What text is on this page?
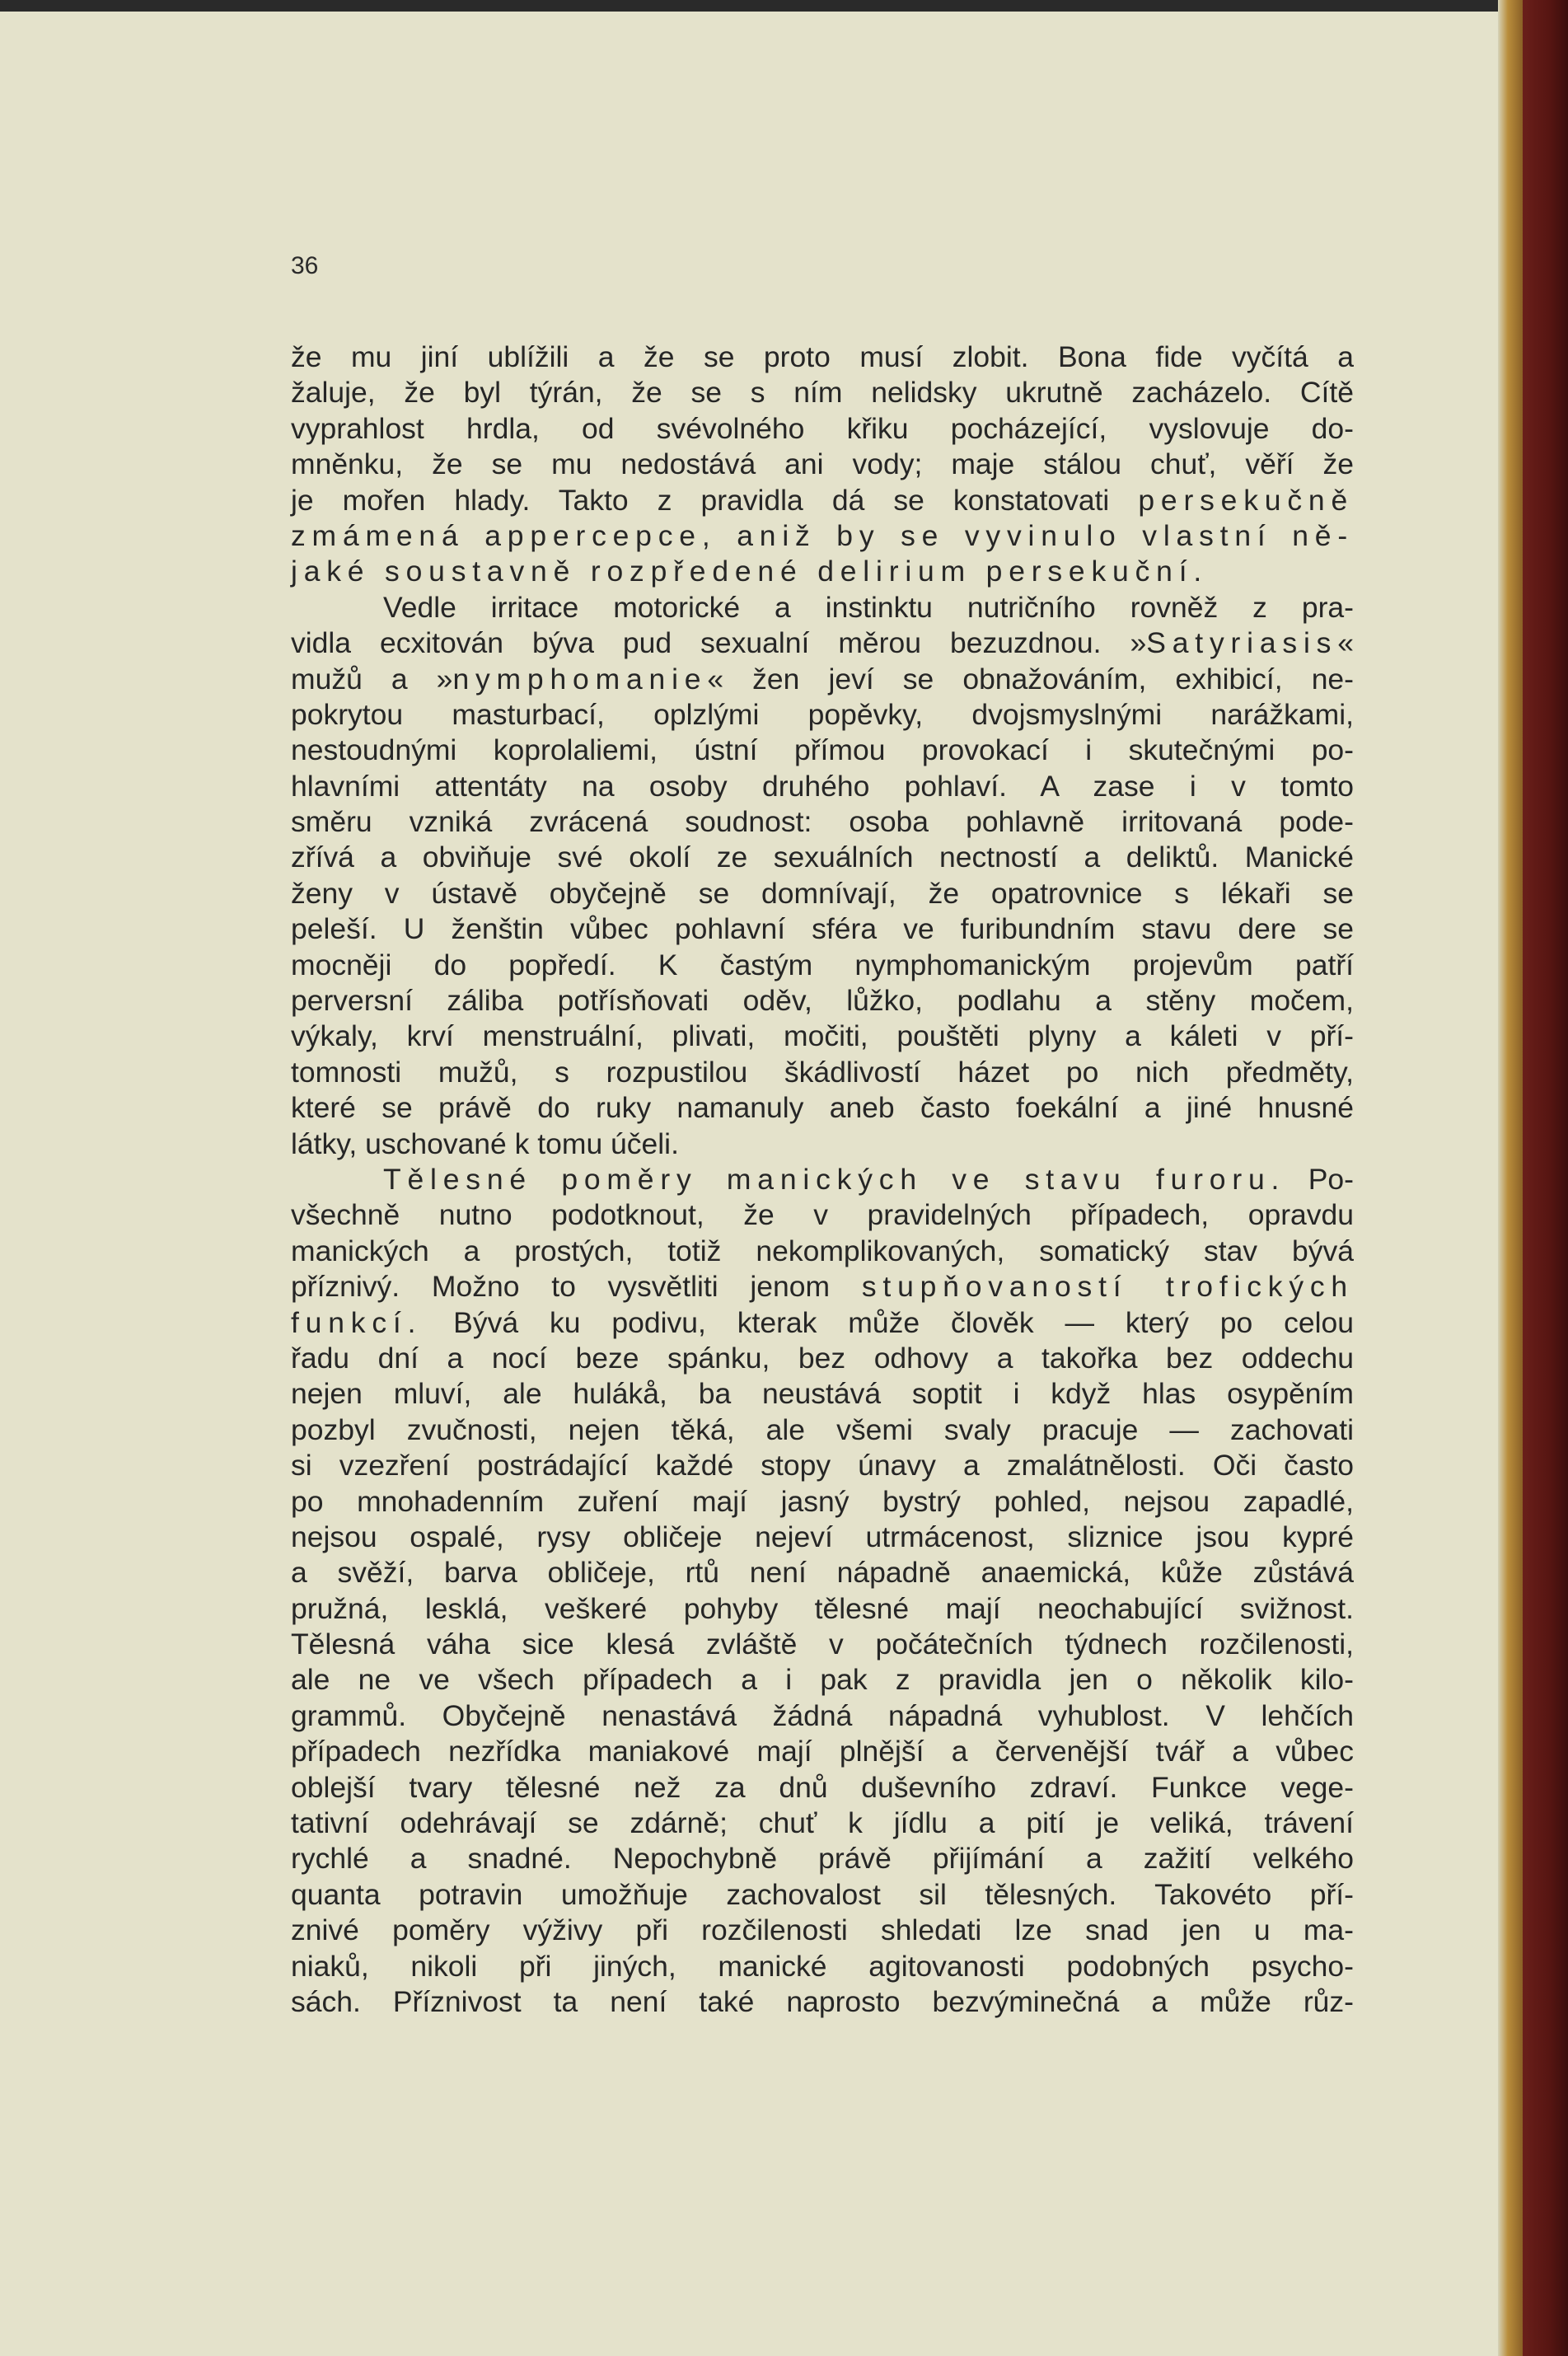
36
že mu jiní ublížili a že se proto musí zlobit. Bona fide vyčítá a
žaluje, že byl týrán, že se s ním nelidsky ukrutně zacházelo. Cítě
vyprahlost hrdla, od svévolného křiku pocházející, vyslovuje do-
mněnku, že se mu nedostává ani vody; maje stálou chuť, věří že
je mořen hlady. Takto z pravidla dá se konstatovati persekučně
zmámená appercepce, aniž by se vyvinulo vlastní ně-
jaké soustavně rozpředené delirium persekuční.
Vedle irritace motorické a instinktu nutričního rovněž z pra-
vidla ecxitován býva pud sexualní měrou bezuzdnou. »Satyriasis«
mužů a »nymphomanie« žen jeví se obnažováním, exhibicí, ne-
pokrytou masturbací, oplzlými popěvky, dvojsmyslnými narážkami,
nestoudnými koprolaliemi, ústní přímou provokací i skutečnými po-
hlavními attentáty na osoby druhého pohlaví. A zase i v tomto
směru vzniká zvrácená soudnost: osoba pohlavně irritovaná pode-
zřívá a obviňuje své okolí ze sexuálních nectností a deliktů. Manické
ženy v ústavě obyčejně se domnívají, že opatrovnice s lékaři se
peleší. U ženštin vůbec pohlavní sféra ve furibundním stavu dere se
mocněji do popředí. K častým nymphomanickým projevům patří
perversní záliba potřísňovati oděv, lůžko, podlahu a stěny močem,
výkaly, krví menstruální, plivati, močiti, pouštěti plyny a káleti v pří-
tomnosti mužů, s rozpustilou škádlivostí házet po nich předměty,
které se právě do ruky namanuly aneb často foekální a jiné hnusné
látky, uschované k tomu účeli.
Tělesné poměry manických ve stavu furoru. Po-
všechně nutno podotknout, že v pravidelných případech, opravdu
manických a prostých, totiž nekomplikovaných, somatický stav bývá
příznivý. Možno to vysvětliti jenom stupňovaností trofických
funkcí. Bývá ku podivu, kterak může člověk — který po celou
řadu dní a nocí beze spánku, bez odhovy a takořka bez oddechu
nejen mluví, ale hulákå, ba neustává soptit i když hlas osypěním
pozbyl zvučnosti, nejen těká, ale všemi svaly pracuje — zachovati
si vzezření postrádající každé stopy únavy a zmalátnělosti. Oči často
po mnohadenním zuření mají jasný bystrý pohled, nejsou zapadlé,
nejsou ospalé, rysy obličeje nejeví utrmácenost, sliznice jsou kypré
a svěží, barva obličeje, rtů není nápadně anaemická, kůže zůstává
pružná, lesklá, veškeré pohyby tělesné mají neochabující svižnost.
Tělesná váha sice klesá zvláště v počátečních týdnech rozčilenosti,
ale ne ve všech případech a i pak z pravidla jen o několik kilo-
grammů. Obyčejně nenastává žádná nápadná vyhublost. V lehčích
případech nezřídka maniakové mají plnější a červenější tvář a vůbec
oblejší tvary tělesné než za dnů duševního zdraví. Funkce vege-
tativní odehrávají se zdárně; chuť k jídlu a pití je veliká, trávení
rychlé a snadné. Nepochybně právě přijímání a zažití velkého
quanta potravin umožňuje zachovalost sil tělesných. Takovéto pří-
znivé poměry výživy při rozčilenosti shledati lze snad jen u ma-
niaků, nikoli při jiných, manické agitovanosti podobných psycho-
sách. Příznivost ta není také naprosto bezvýminečná a může růz-
